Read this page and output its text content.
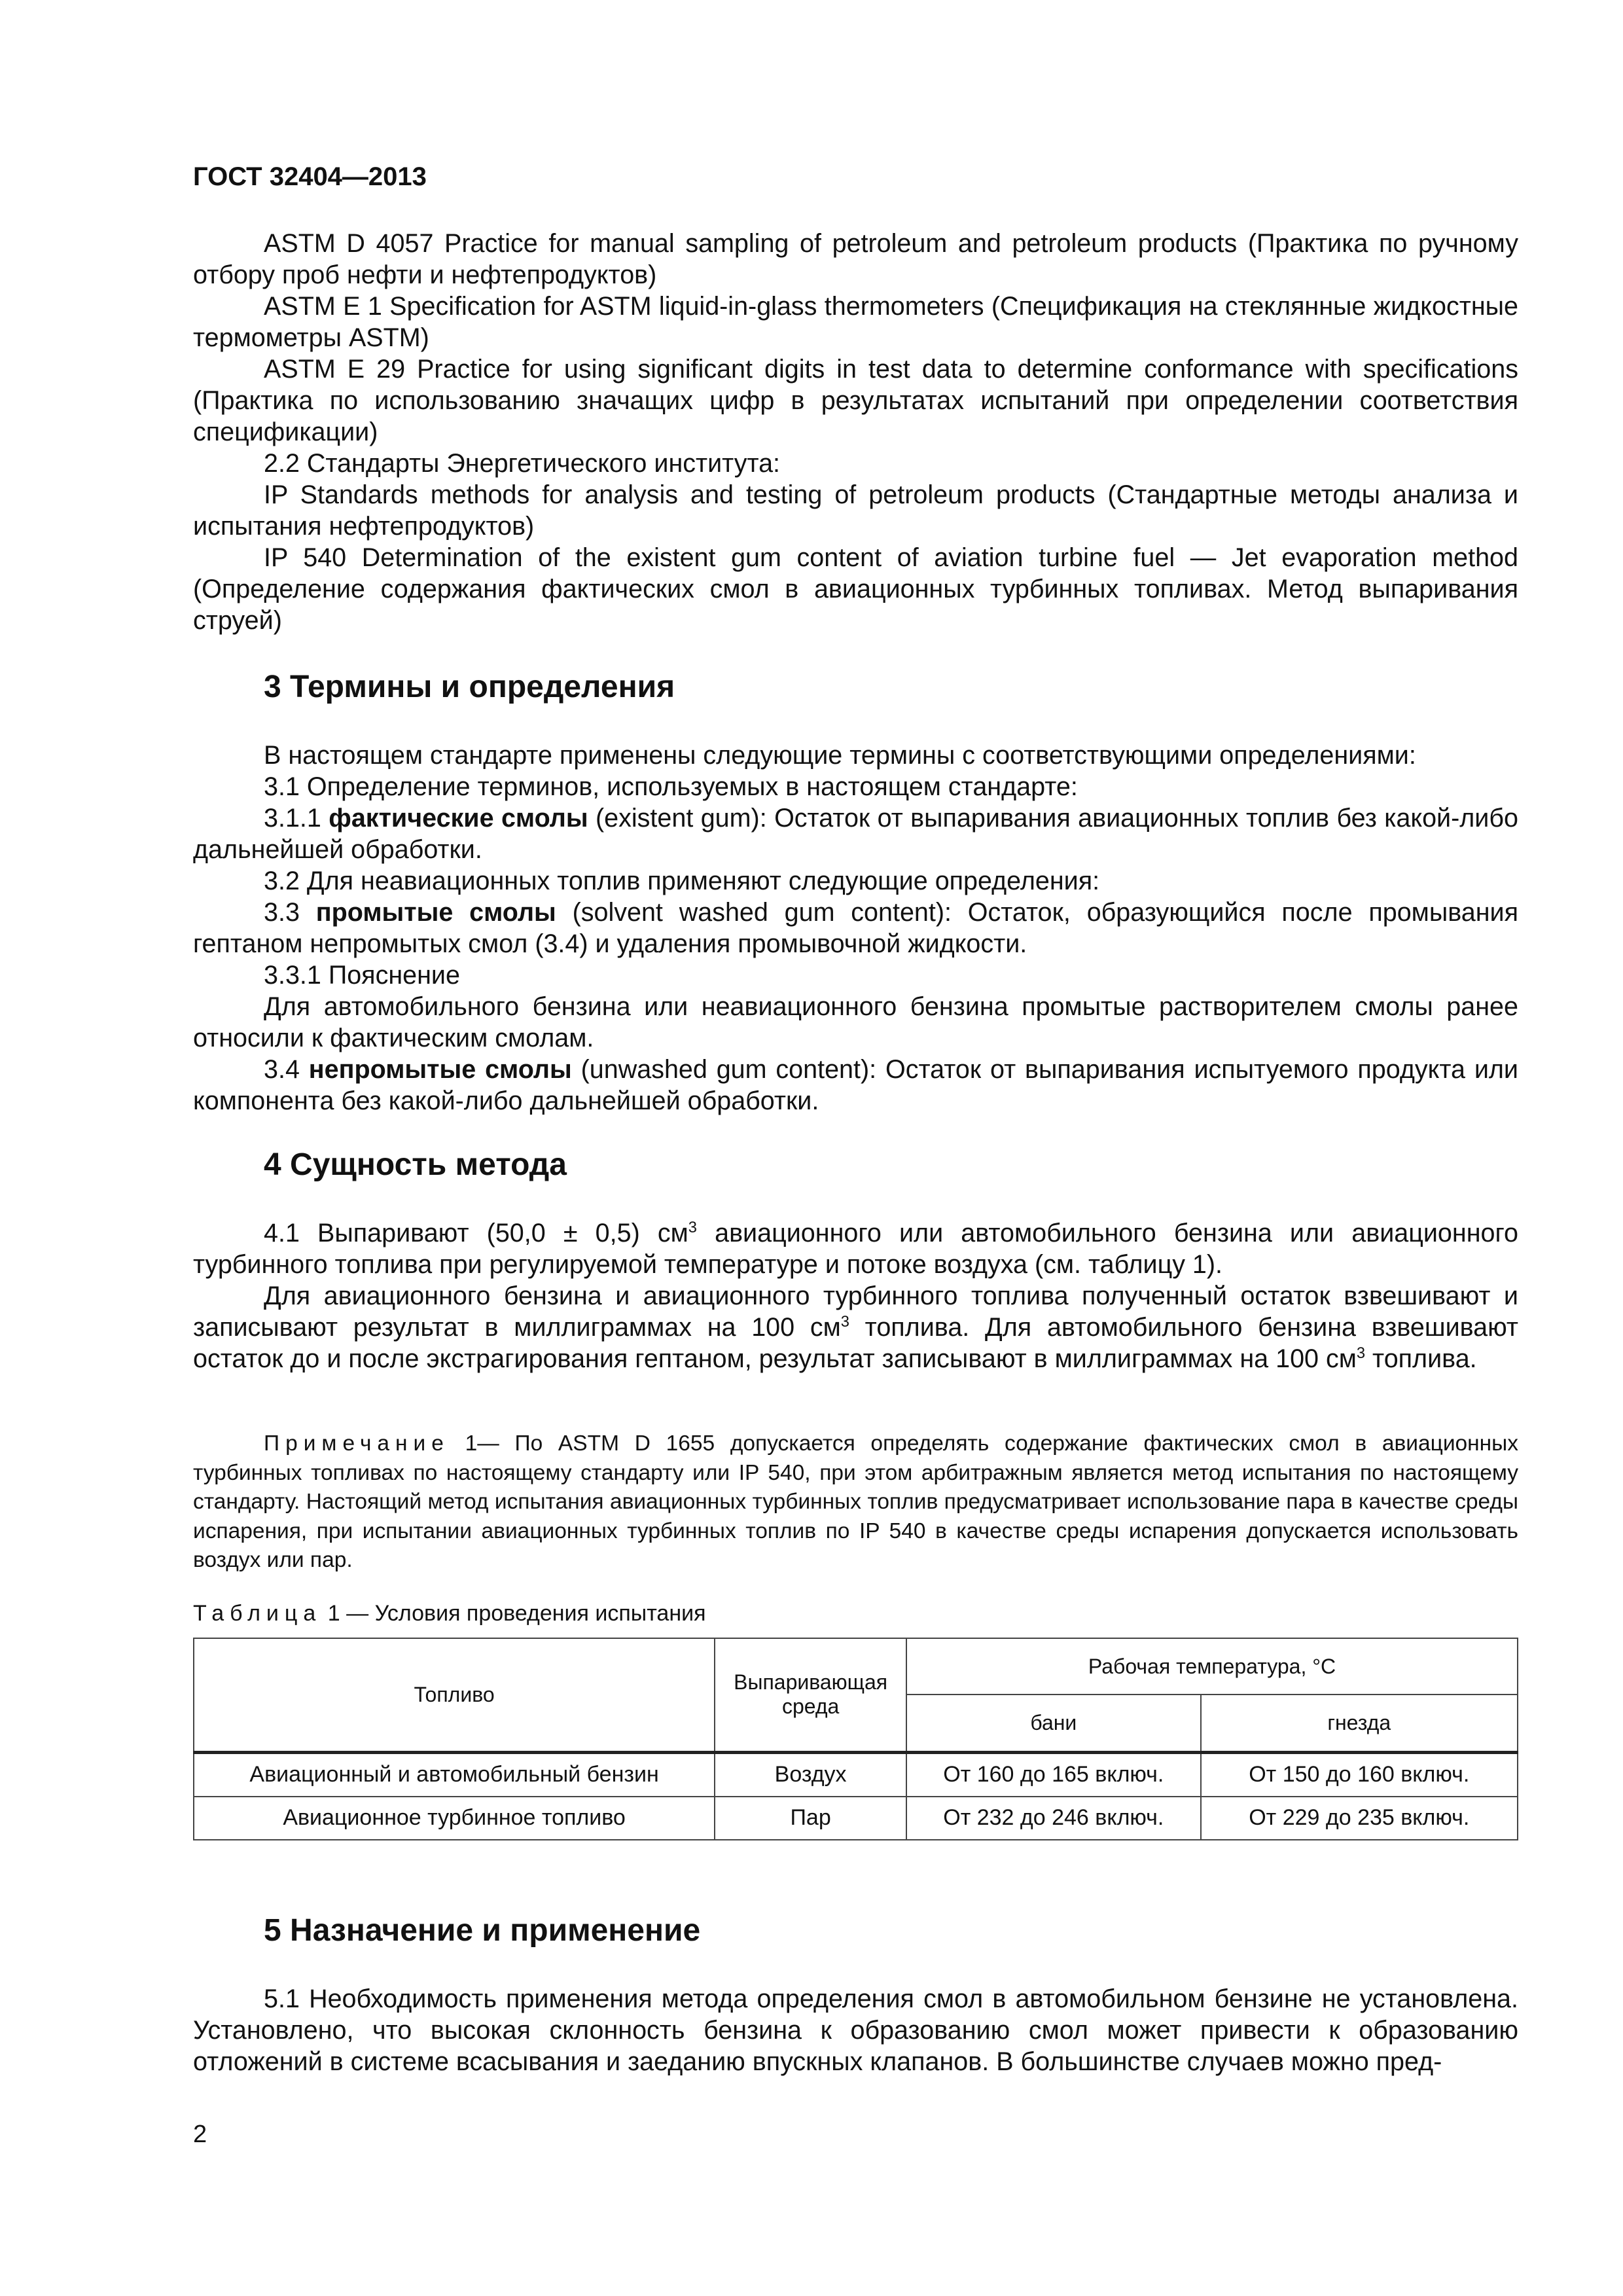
ГОСТ 32404—2013

ASTM D 4057 Practice for manual sampling of petroleum and petroleum products (Практика по ручному отбору проб нефти и нефтепродуктов)

ASTM E 1 Specification for ASTM liquid-in-glass thermometers (Спецификация на стеклянные жидкостные термометры ASTM)

ASTM E 29 Practice for using significant digits in test data to determine conformance with specifications (Практика по использованию значащих цифр в результатах испытаний при определении соответствия спецификации)

2.2 Стандарты Энергетического института:

IP Standards methods for analysis and testing of petroleum products (Стандартные методы анализа и испытания нефтепродуктов)

IP 540 Determination of the existent gum content of aviation turbine fuel — Jet evaporation method (Определение содержания фактических смол в авиационных турбинных топливах. Метод выпаривания струей)

3 Термины и определения

В настоящем стандарте применены следующие термины с соответствующими определениями:

3.1 Определение терминов, используемых в настоящем стандарте:

3.1.1 фактические смолы (existent gum): Остаток от выпаривания авиационных топлив без какой-либо дальнейшей обработки.

3.2 Для неавиационных топлив применяют следующие определения:

3.3 промытые смолы (solvent washed gum content): Остаток, образующийся после промывания гептаном непромытых смол (3.4) и удаления промывочной жидкости.

3.3.1 Пояснение

Для автомобильного бензина или неавиационного бензина промытые растворителем смолы ранее относили к фактическим смолам.

3.4 непромытые смолы (unwashed gum content): Остаток от выпаривания испытуемого продукта или компонента без какой-либо дальнейшей обработки.

4 Сущность метода

4.1 Выпаривают (50,0 ± 0,5) $см^3$ авиационного или автомобильного бензина или авиационного турбинного топлива при регулируемой температуре и потоке воздуха (см. таблицу 1).

Для авиационного бензина и авиационного турбинного топлива полученный остаток взвешивают и записывают результат в миллиграммах на 100 $см^3$ топлива. Для автомобильного бензина взвешивают остаток до и после экстрагирования гептаном, результат записывают в миллиграммах на 100 $см^3$ топлива.

Примечание 1— По ASTM D 1655 допускается определять содержание фактических смол в авиационных турбинных топливах по настоящему стандарту или IP 540, при этом арбитражным является метод испытания по настоящему стандарту. Настоящий метод испытания авиационных турбинных топлив предусматривает использование пара в качестве среды испарения, при испытании авиационных турбинных топлив по IP 540 в качестве среды испарения допускается использовать воздух или пар.

Таблица 1 — Условия проведения испытания

Топливо	Выпаривающая среда	Рабочая температура, °С	
		бани	гнезда
Авиационный и автомобильный бензин	Воздух	От 160 до 165 включ.	От 150 до 160 включ.
Авиационное турбинное топливо	Пар	От 232 до 246 включ.	От 229 до 235 включ.
5 Назначение и применение

5.1 Необходимость применения метода определения смол в автомобильном бензине не установлена. Установлено, что высокая склонность бензина к образованию смол может привести к образованию отложений в системе всасывания и заеданию впускных клапанов. В большинстве случаев можно пред-

2
